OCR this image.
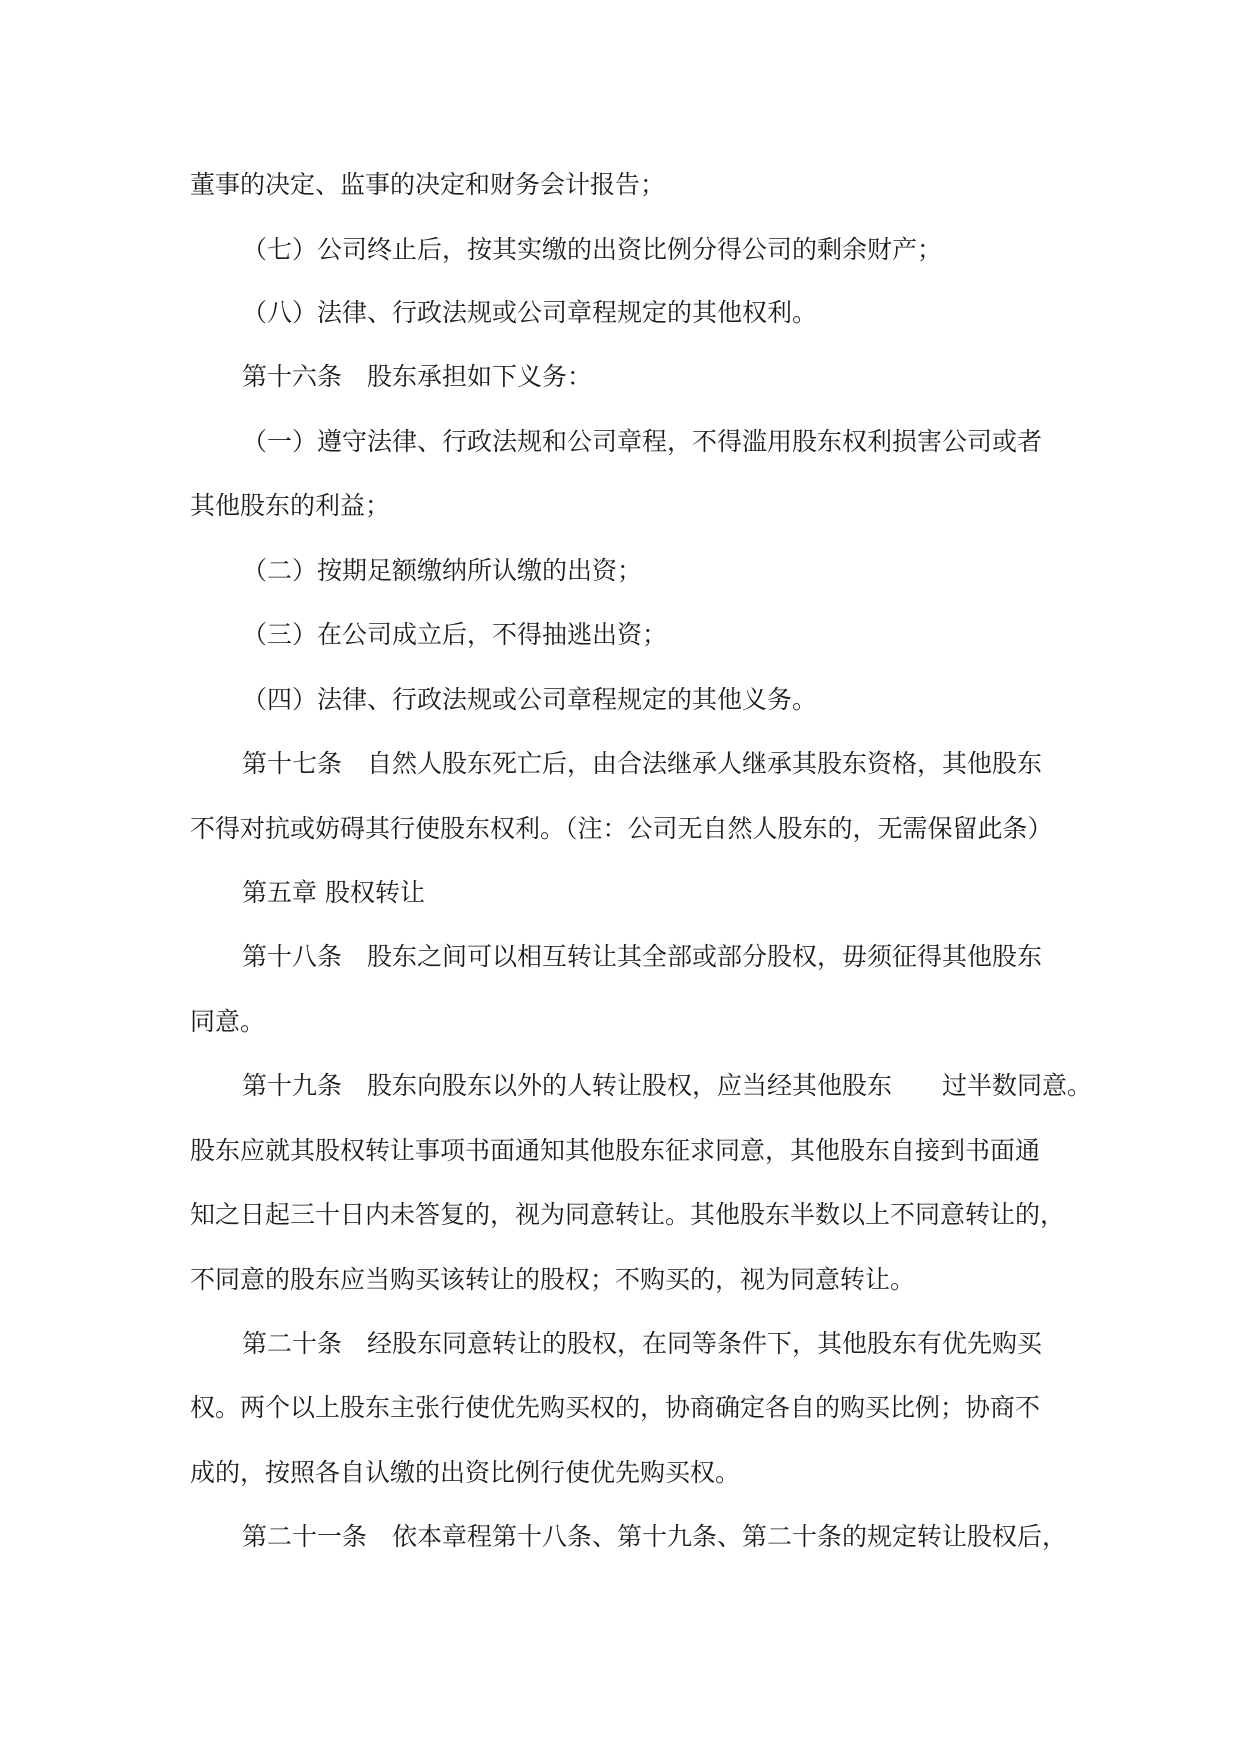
董事的决定、监事的决定和财务会计报告；
（七）公司终止后，按其实缴的出资比例分得公司的剩余财产；
（八）法律、行政法规或公司章程规定的其他权利。
第十六条　股东承担如下义务：
（一）遵守法律、行政法规和公司章程，不得滥用股东权利损害公司或者
其他股东的利益；
（二）按期足额缴纳所认缴的出资；
（三）在公司成立后，不得抽逃出资；
（四）法律、行政法规或公司章程规定的其他义务。
第十七条　自然人股东死亡后，由合法继承人继承其股东资格，其他股东
不得对抗或妨碍其行使股东权利。（注：公司无自然人股东的，无需保留此条）
第五章 股权转让
第十八条　股东之间可以相互转让其全部或部分股权，毋须征得其他股东
同意。
第十九条　股东向股东以外的人转让股权，应当经其他股东　　过半数同意。
股东应就其股权转让事项书面通知其他股东征求同意，其他股东自接到书面通
知之日起三十日内未答复的，视为同意转让。其他股东半数以上不同意转让的，
不同意的股东应当购买该转让的股权；不购买的，视为同意转让。
第二十条　经股东同意转让的股权，在同等条件下，其他股东有优先购买
权。两个以上股东主张行使优先购买权的，协商确定各自的购买比例；协商不
成的，按照各自认缴的出资比例行使优先购买权。
第二十一条　依本章程第十八条、第十九条、第二十条的规定转让股权后，
